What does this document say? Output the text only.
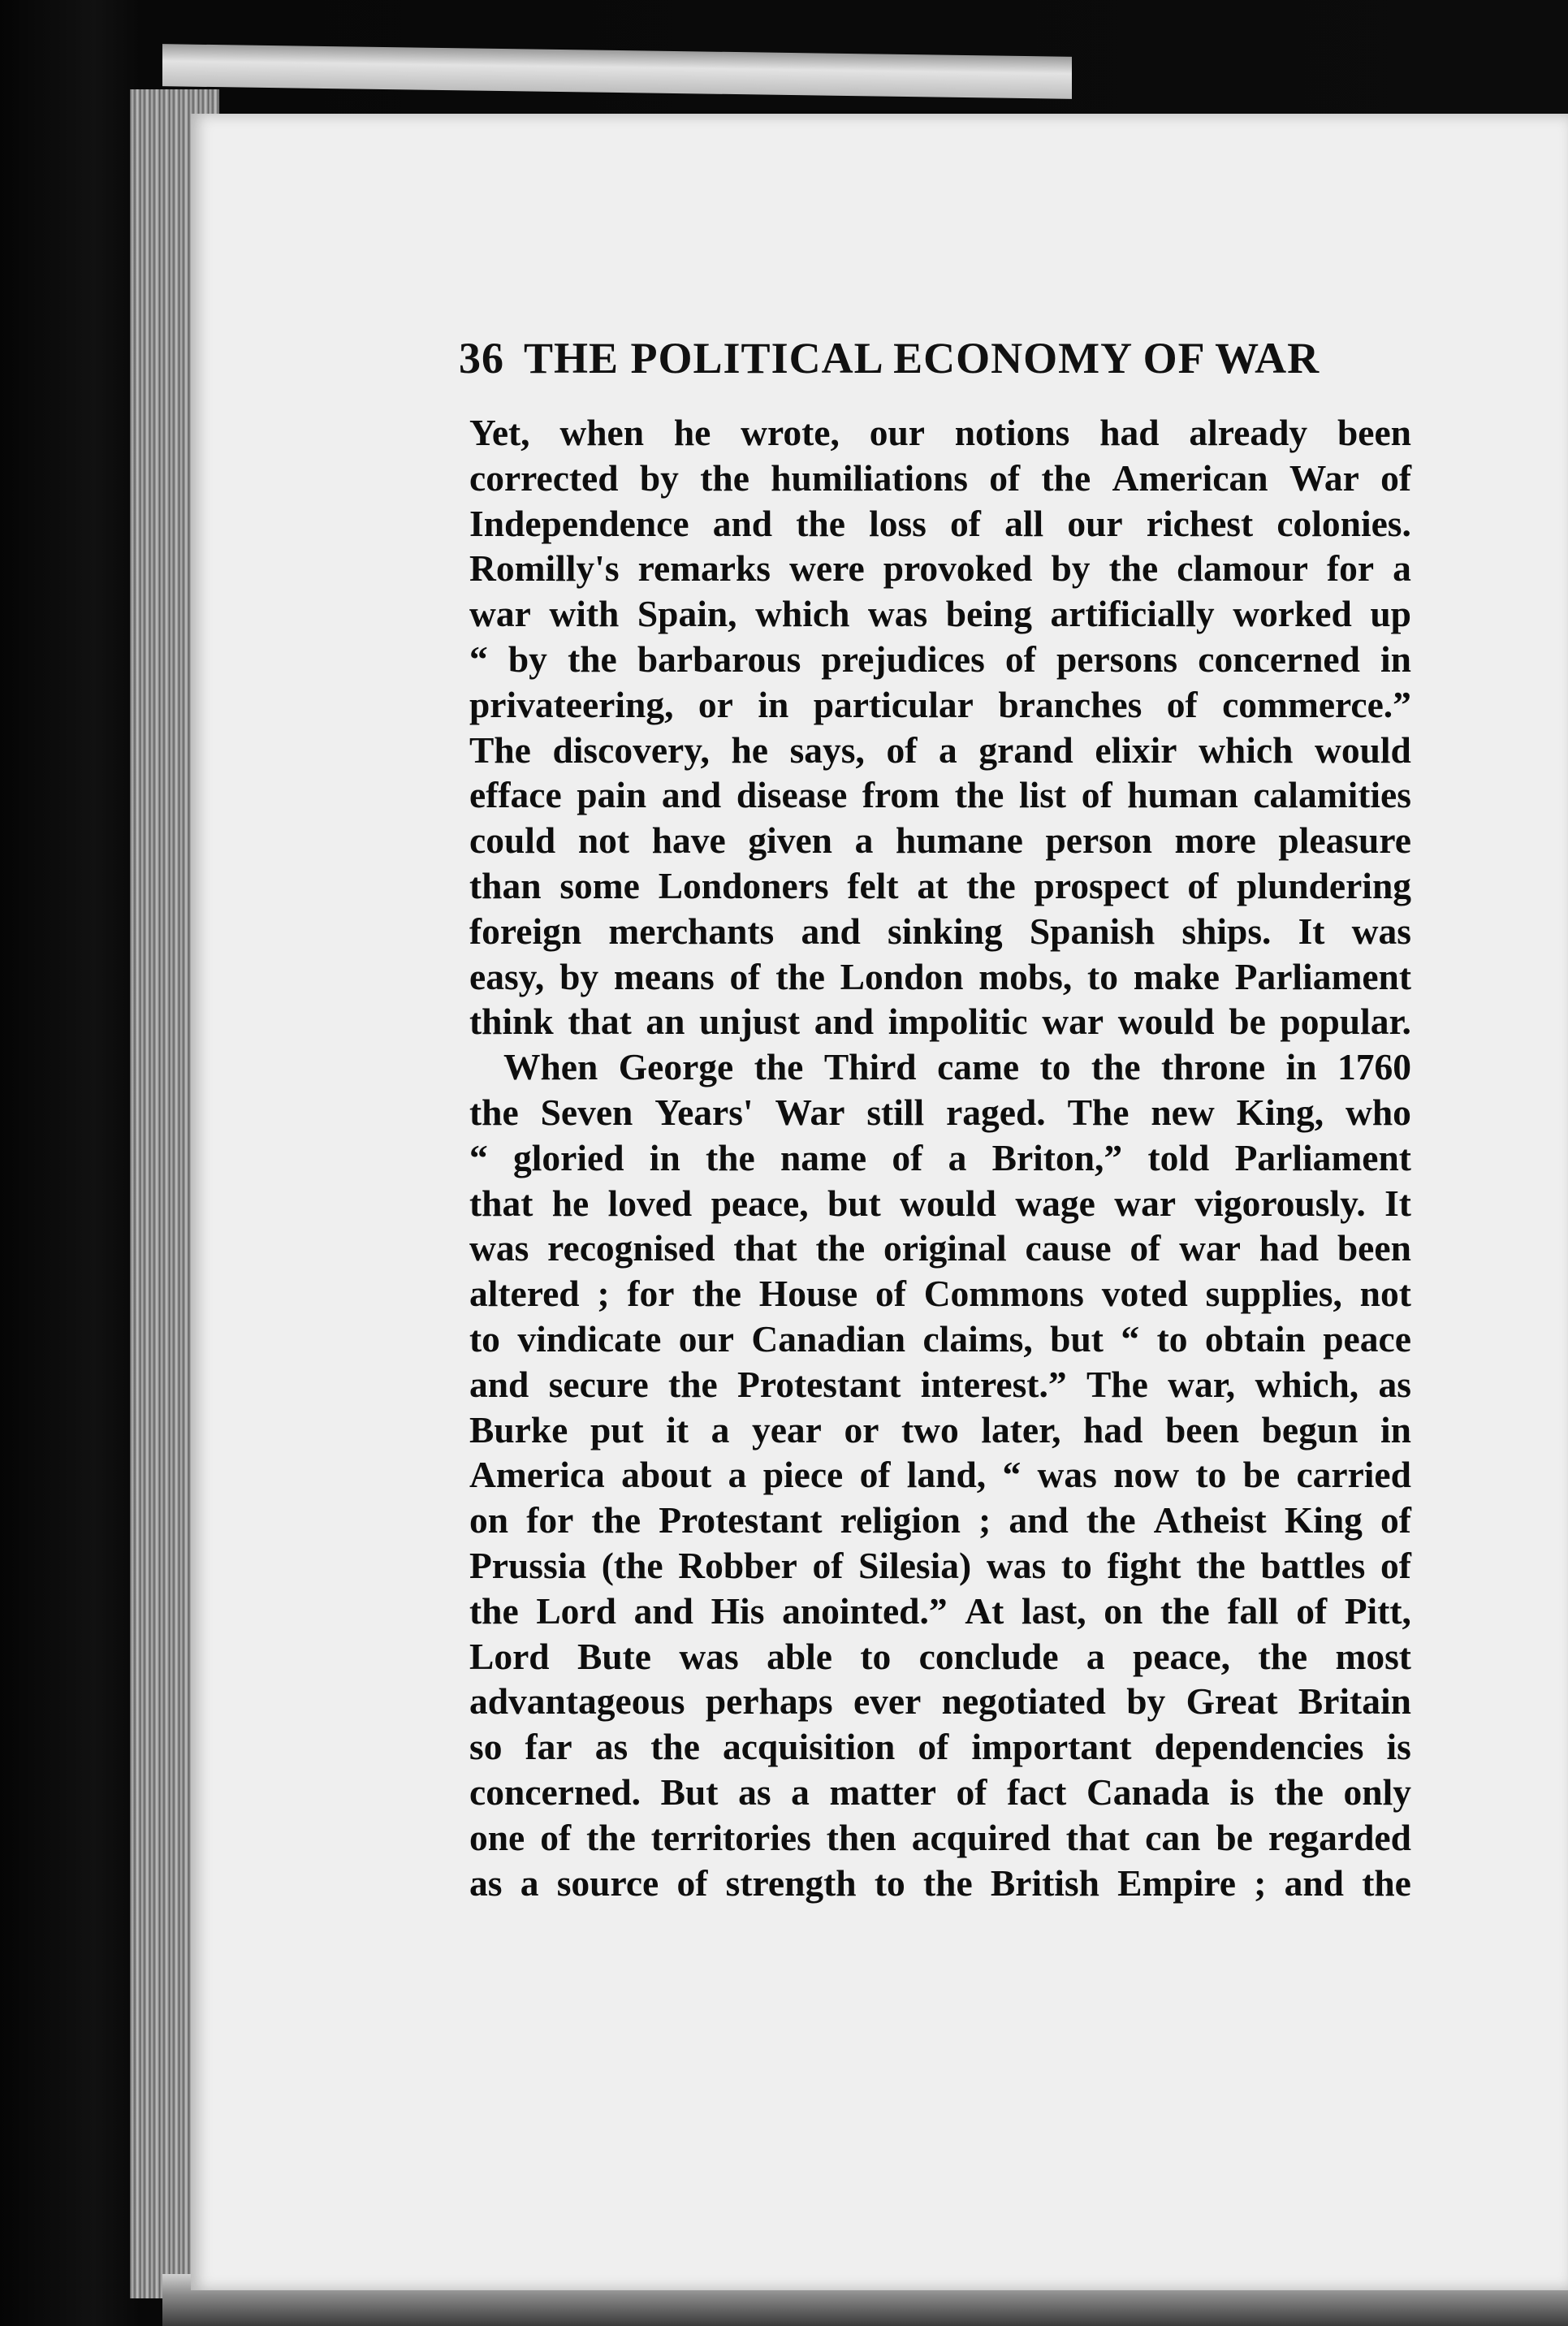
36 THE POLITICAL ECONOMY OF WAR
Yet, when he wrote, our notions had already been
corrected by the humiliations of the American War of
Independence and the loss of all our richest colonies.
Romilly's remarks were provoked by the clamour for a
war with Spain, which was being artificially worked up
“ by the barbarous prejudices of persons concerned in
privateering, or in particular branches of commerce.”
The discovery, he says, of a grand elixir which would
efface pain and disease from the list of human calamities
could not have given a humane person more pleasure
than some Londoners felt at the prospect of plundering
foreign merchants and sinking Spanish ships. It was
easy, by means of the London mobs, to make Parliament
think that an unjust and impolitic war would be popular.
When George the Third came to the throne in 1760
the Seven Years' War still raged. The new King, who
“ gloried in the name of a Briton,” told Parliament
that he loved peace, but would wage war vigorously. It
was recognised that the original cause of war had been
altered ; for the House of Commons voted supplies, not
to vindicate our Canadian claims, but “ to obtain peace
and secure the Protestant interest.” The war, which, as
Burke put it a year or two later, had been begun in
America about a piece of land, “ was now to be carried
on for the Protestant religion ; and the Atheist King of
Prussia (the Robber of Silesia) was to fight the battles of
the Lord and His anointed.” At last, on the fall of Pitt,
Lord Bute was able to conclude a peace, the most
advantageous perhaps ever negotiated by Great Britain
so far as the acquisition of important dependencies is
concerned. But as a matter of fact Canada is the only
one of the territories then acquired that can be regarded
as a source of strength to the British Empire ; and the
